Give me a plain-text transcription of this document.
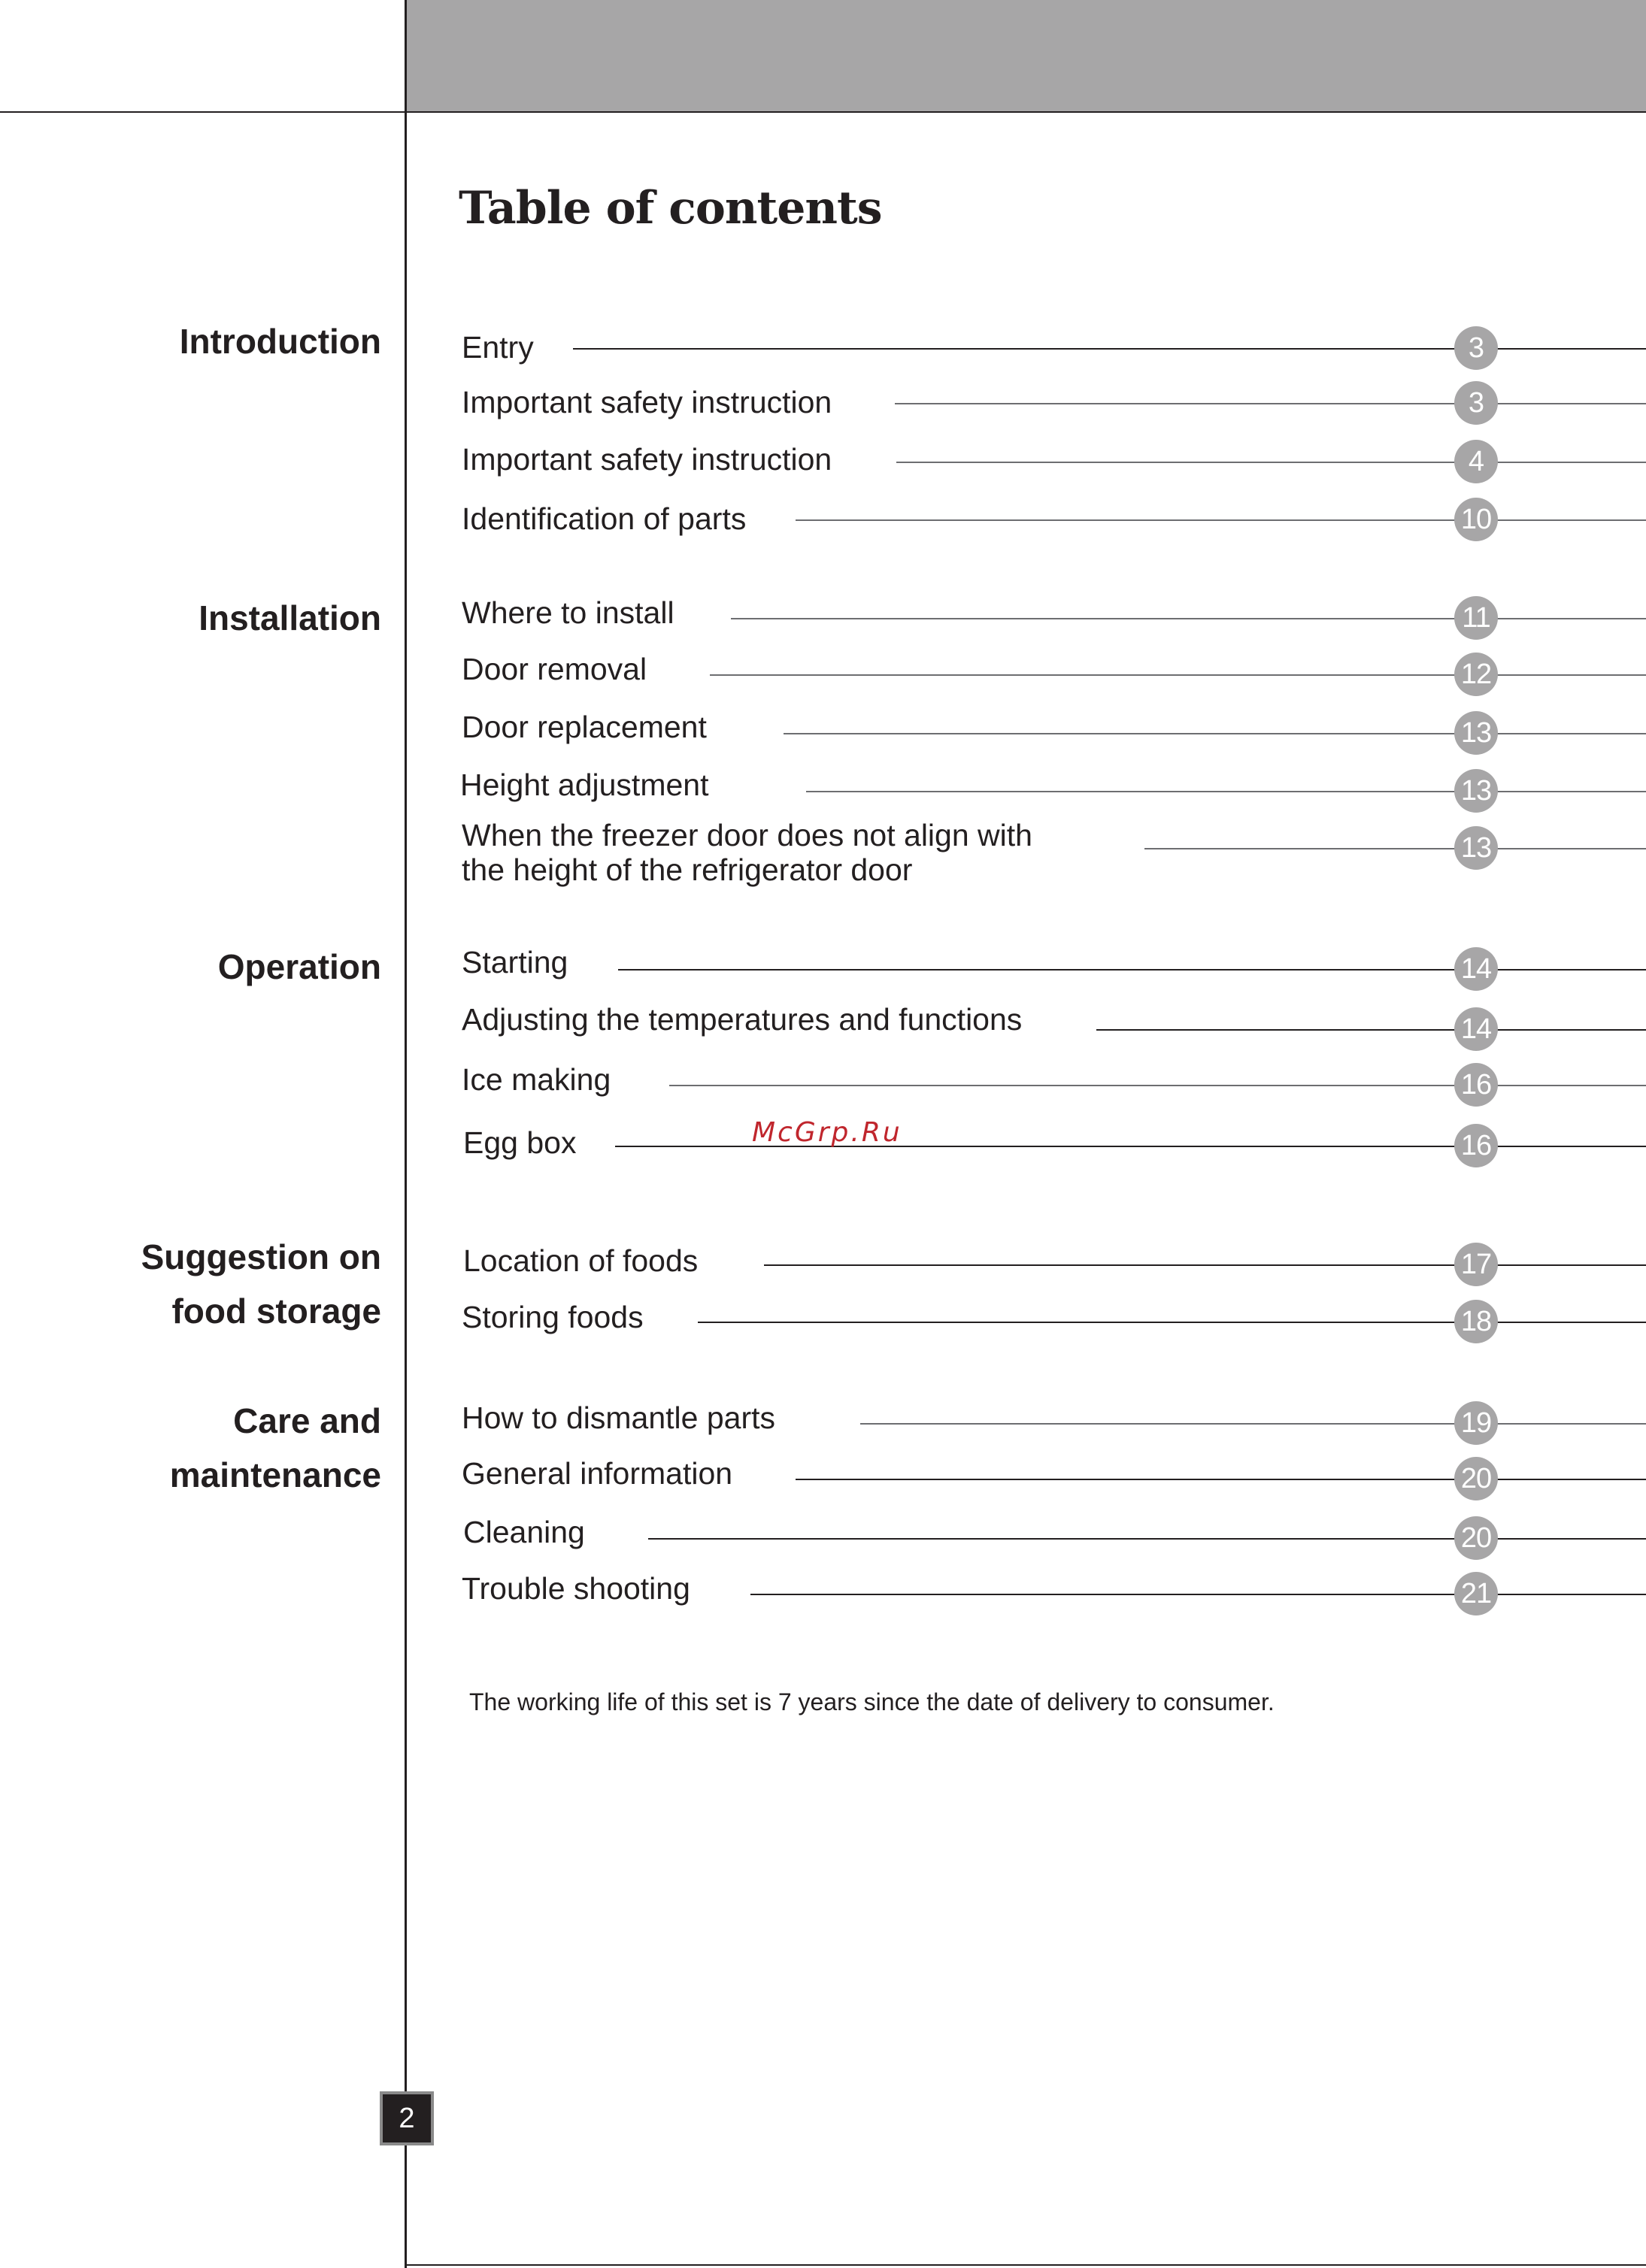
Table of contents
Introduction
Installation
Operation
Suggestion on
food storage
Care and
maintenance
Entry	3
Important safety instruction	3
Important safety instruction	4
Identification of parts	10
Where to install	11
Door removal	12
Door replacement	13
Height adjustment	13
When the freezer door does not align with
the height of the refrigerator door
13
Starting	14
Adjusting the temperatures and functions	14
Ice making	16
Egg box	16
Location of foods	17
Storing foods	18
How to dismantle parts	19
General information	20
Cleaning	20
Trouble shooting	21
McGrp.Ru
The working life of this set is 7 years since the date of delivery to consumer.
2
